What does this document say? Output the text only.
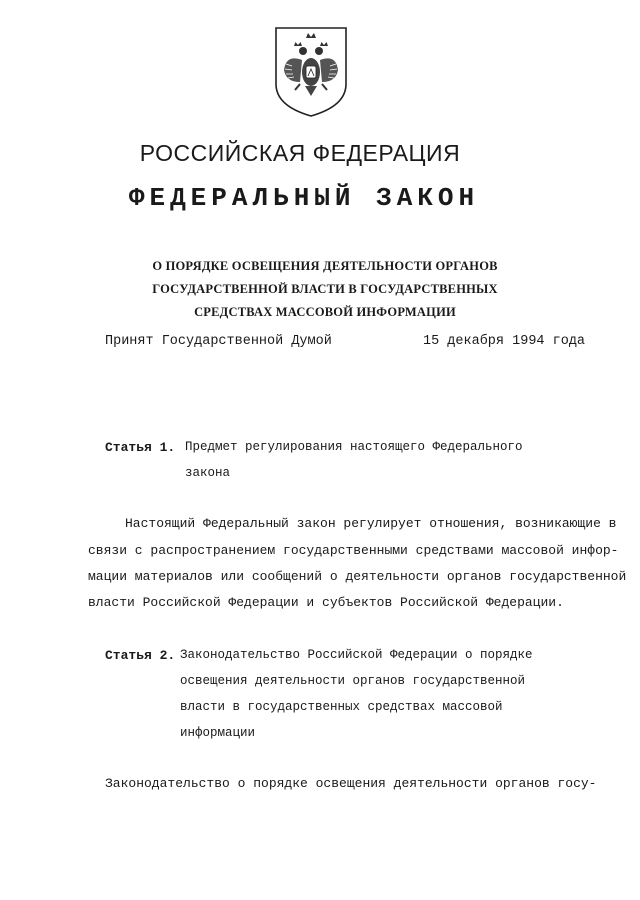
РОССИЙСКАЯ ФЕДЕРАЦИЯ
ФЕДЕРАЛЬНЫЙ ЗАКОН
О ПОРЯДКЕ ОСВЕЩЕНИЯ ДЕЯТЕЛЬНОСТИ ОРГАНОВ
ГОСУДАРСТВЕННОЙ ВЛАСТИ В ГОСУДАРСТВЕННЫХ
СРЕДСТВАХ МАССОВОЙ ИНФОРМАЦИИ
Принят Государственной Думой	15 декабря 1994 года
Статья 1. Предмет регулирования настоящего Федерального
закона
Настоящий Федеральный закон регулирует отношения, возникающие в
связи с распространением государственными средствами массовой инфор-
мации материалов или сообщений о деятельности органов государственной
власти Российской Федерации и субъектов Российской Федерации.
Статья 2. Законодательство Российской Федерации о порядке
освещения деятельности органов государственной
власти в государственных средствах массовой
информации
Законодательство о порядке освещения деятельности органов госу-
